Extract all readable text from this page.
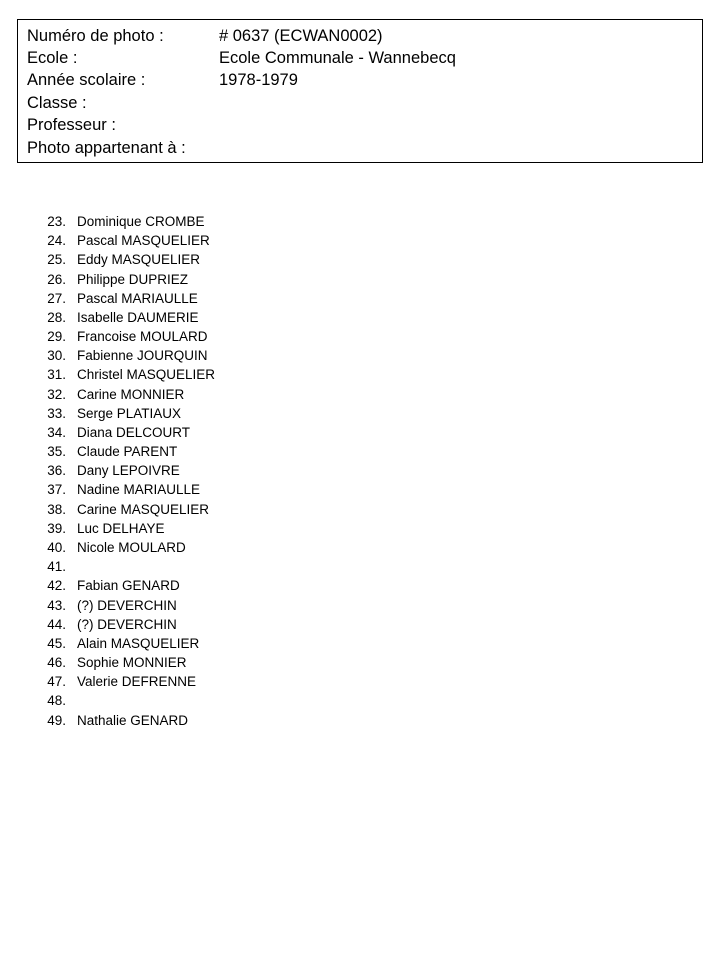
Numéro de photo :	# 0637 (ECWAN0002)
Ecole :	Ecole Communale - Wannebecq
Année scolaire :	1978-1979
Classe :
Professeur :
Photo appartenant à :
23. Dominique CROMBE
24. Pascal MASQUELIER
25. Eddy MASQUELIER
26. Philippe DUPRIEZ
27. Pascal MARIAULLE
28. Isabelle DAUMERIE
29. Francoise MOULARD
30. Fabienne JOURQUIN
31. Christel MASQUELIER
32. Carine MONNIER
33. Serge PLATIAUX
34. Diana DELCOURT
35. Claude PARENT
36. Dany LEPOIVRE
37. Nadine MARIAULLE
38. Carine MASQUELIER
39. Luc DELHAYE
40. Nicole MOULARD
41.
42. Fabian GENARD
43. (?) DEVERCHIN
44. (?) DEVERCHIN
45. Alain MASQUELIER
46. Sophie MONNIER
47. Valerie DEFRENNE
48.
49. Nathalie GENARD
